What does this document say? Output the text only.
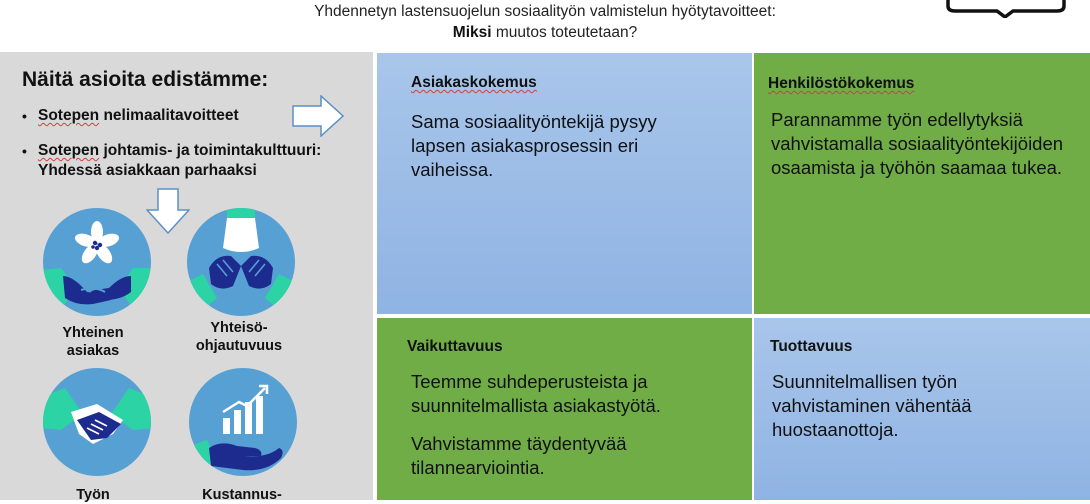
Yhdennetyn lastensuojelun sosiaalityön valmistelun hyötytavoitteet:
Miksi muutos toteutetaan?
Näitä asioita edistämme:
• Sotepen nelimaalitavoitteet
• Sotepen johtamis- ja toimintakulttuuri: Yhdessä asiakkaan parhaaksi
Yhteinen
asiakas
Yhteisö-
ohjautuvuus
Työn	Kustannus-
Asiakaskokemus
Sama sosiaalityöntekijä pysyy lapsen asiakasprosessin eri vaiheissa.
Henkilöstökokemus
Parannamme työn edellytyksiä vahvistamalla sosiaalityöntekijöiden osaamista ja työhön saamaa tukea.
Vaikuttavuus
Teemme suhdeperusteista ja suunnitelmallista asiakastyötä.
Vahvistamme täydentyvää tilannearviointia.
Tuottavuus
Suunnitelmallisen työn vahvistaminen vähentää huostaanottoja.
